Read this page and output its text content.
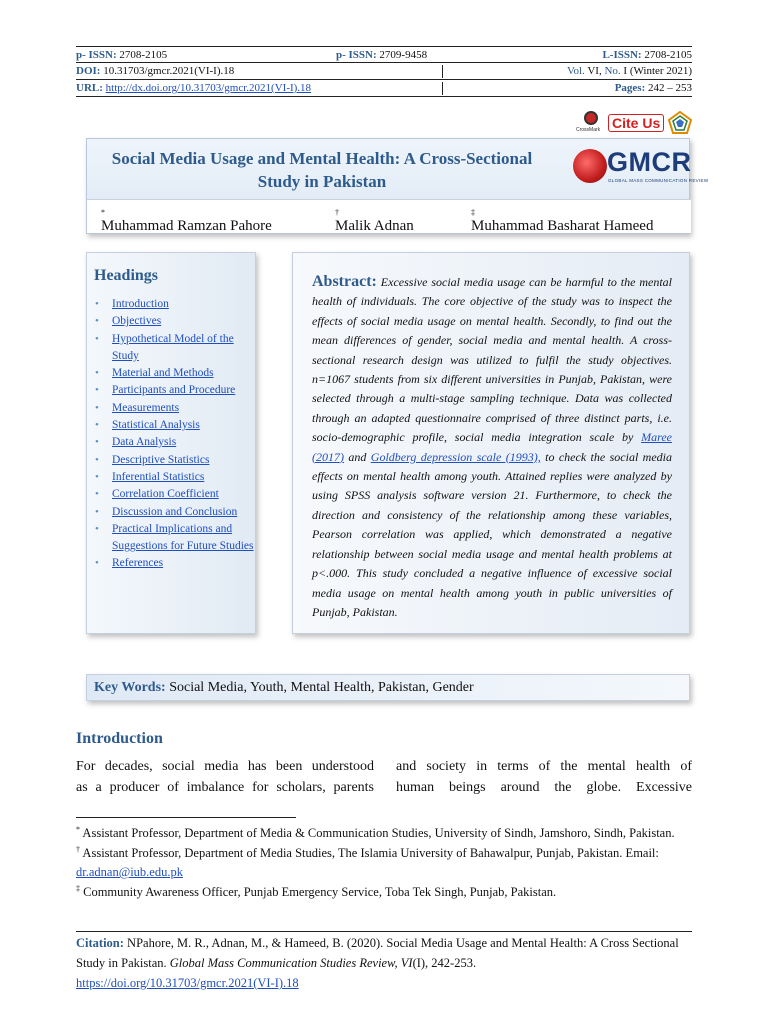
p- ISSN: 2708-2105	p- ISSN: 2709-9458	L-ISSN: 2708-2105
DOI: 10.31703/gmcr.2021(VI-I).18	Vol. VI, No. I (Winter 2021)
URL: http://dx.doi.org/10.31703/gmcr.2021(VI-I).18	Pages: 242 – 253
CrossMark Cite Us
Social Media Usage and Mental Health: A Cross-Sectional Study in Pakistan
GMCR
GLOBAL MASS COMMUNICATION REVIEW
Muhammad Ramzan Pahore
*
Malik Adnan
†
Muhammad Basharat Hameed
‡
Headings
• Introduction
• Objectives
• Hypothetical Model of the Study
• Material and Methods
• Participants and Procedure
• Measurements
• Statistical Analysis
• Data Analysis
• Descriptive Statistics
• Inferential Statistics
• Correlation Coefficient
• Discussion and Conclusion
• Practical Implications and Suggestions for Future Studies
• References
Abstract: Excessive social media usage can be harmful to the mental health of individuals. The core objective of the study was to inspect the effects of social media usage on mental health. Secondly, to find out the mean differences of gender, social media and mental health. A cross-sectional research design was utilized to fulfil the study objectives. n=1067 students from six different universities in Punjab, Pakistan, were selected through a multi-stage sampling technique. Data was collected through an adapted questionnaire comprised of three distinct parts, i.e. socio-demographic profile, social media integration scale by Maree (2017) and Goldberg depression scale (1993), to check the social media effects on mental health among youth. Attained replies were analyzed by using SPSS analysis software version 21. Furthermore, to check the direction and consistency of the relationship among these variables, Pearson correlation was applied, which demonstrated a negative relationship between social media usage and mental health problems at p<.000. This study concluded a negative influence of excessive social media usage on mental health among youth in public universities of Punjab, Pakistan.
Key Words: Social Media, Youth, Mental Health, Pakistan, Gender
Introduction
For decades, social media has been understood
as a producer of imbalance for scholars, parents
and society in terms of the mental health of
human beings around the globe. Excessive
* Assistant Professor, Department of Media & Communication Studies, University of Sindh, Jamshoro, Sindh, Pakistan.
† Assistant Professor, Department of Media Studies, The Islamia University of Bahawalpur, Punjab, Pakistan. Email: dr.adnan@iub.edu.pk
‡ Community Awareness Officer, Punjab Emergency Service, Toba Tek Singh, Punjab, Pakistan.
Citation: NPahore, M. R., Adnan, M., & Hameed, B. (2020). Social Media Usage and Mental Health: A Cross Sectional Study in Pakistan. Global Mass Communication Studies Review, VI(I), 242-253.
https://doi.org/10.31703/gmcr.2021(VI-I).18
